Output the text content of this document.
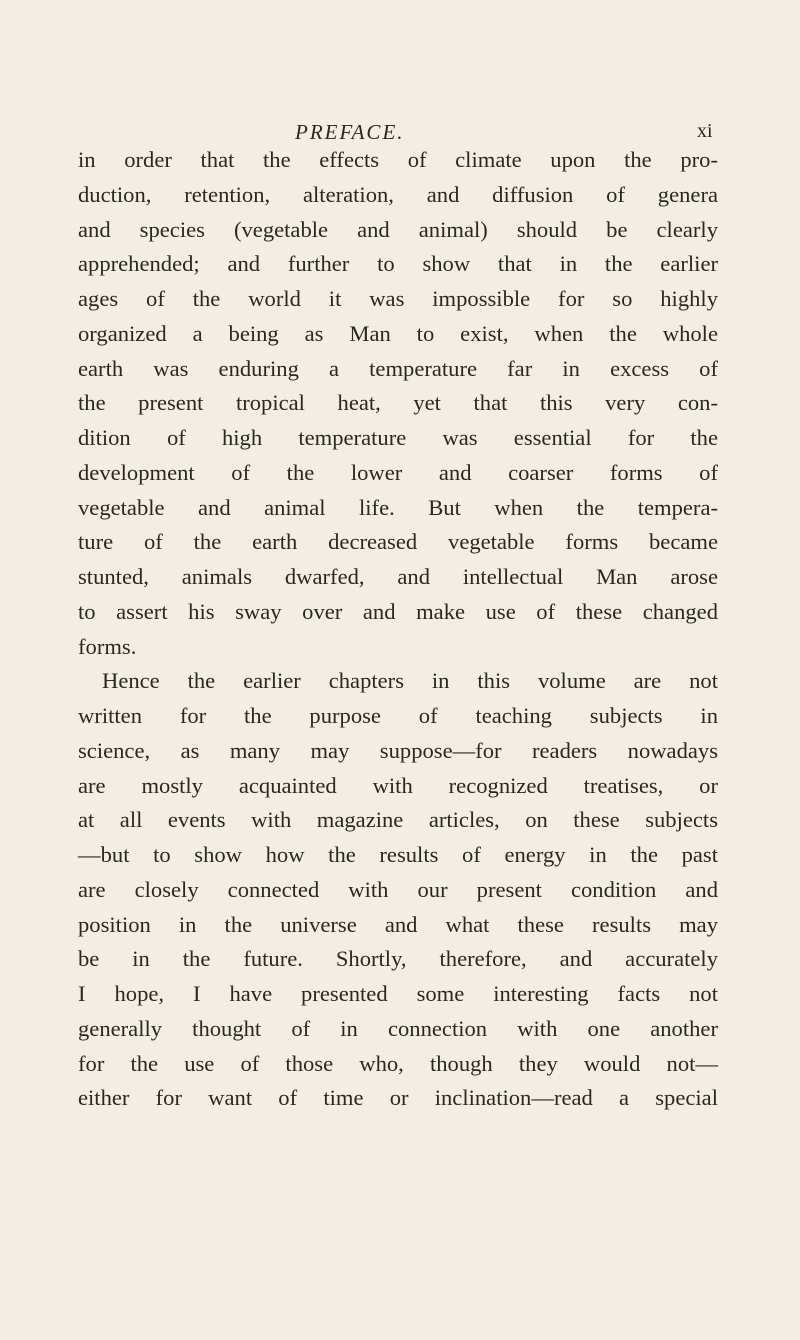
PREFACE.	xi
in order that the effects of climate upon the pro-
duction, retention, alteration, and diffusion of genera
and species (vegetable and animal) should be clearly
apprehended; and further to show that in the earlier
ages of the world it was impossible for so highly
organized a being as Man to exist, when the whole
earth was enduring a temperature far in excess of
the present tropical heat, yet that this very con-
dition of high temperature was essential for the
development of the lower and coarser forms of
vegetable and animal life. But when the tempera-
ture of the earth decreased vegetable forms became
stunted, animals dwarfed, and intellectual Man arose
to assert his sway over and make use of these changed
forms.
Hence the earlier chapters in this volume are not
written for the purpose of teaching subjects in
science, as many may suppose—for readers nowadays
are mostly acquainted with recognized treatises, or
at all events with magazine articles, on these subjects
—but to show how the results of energy in the past
are closely connected with our present condition and
position in the universe and what these results may
be in the future. Shortly, therefore, and accurately
I hope, I have presented some interesting facts not
generally thought of in connection with one another
for the use of those who, though they would not—
either for want of time or inclination—read a special
